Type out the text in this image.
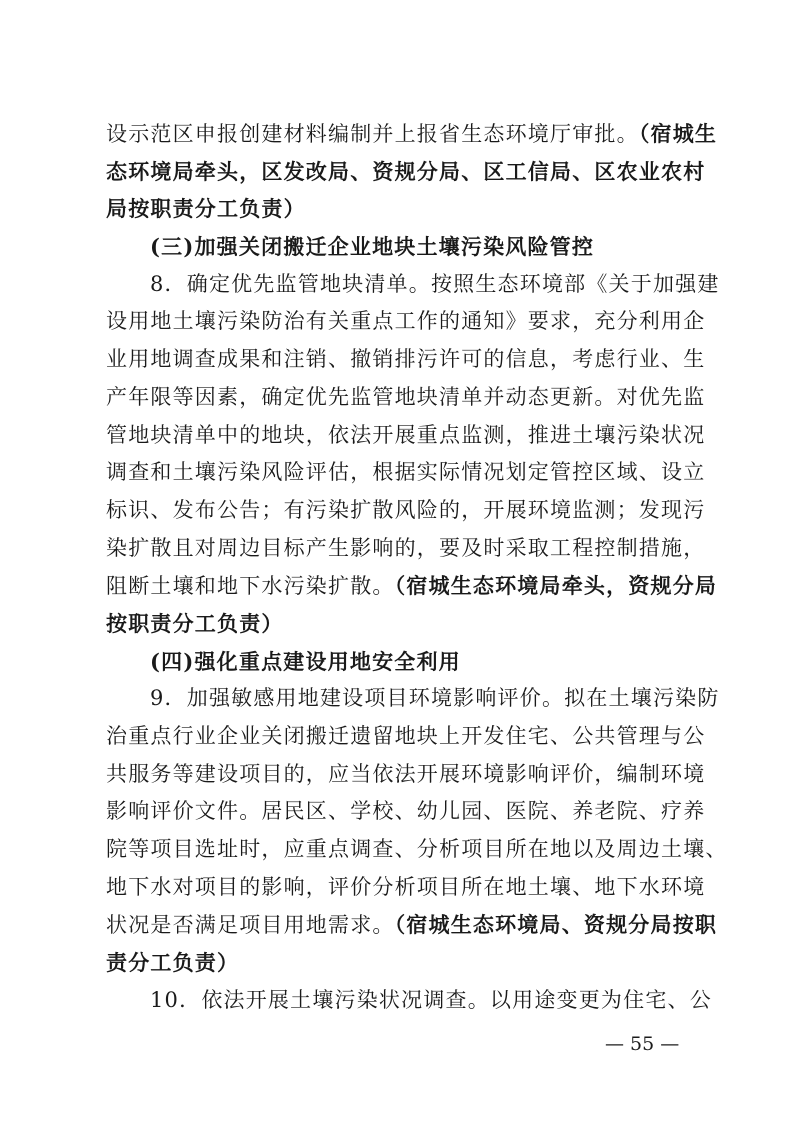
设示范区申报创建材料编制并上报省生态环境厅审批。（宿城生
态环境局牵头，区发改局、资规分局、区工信局、区农业农村
局按职责分工负责）
(三)加强关闭搬迁企业地块土壤污染风险管控
8．确定优先监管地块清单。按照生态环境部《关于加强建
设用地土壤污染防治有关重点工作的通知》要求，充分利用企
业用地调查成果和注销、撤销排污许可的信息，考虑行业、生
产年限等因素，确定优先监管地块清单并动态更新。对优先监
管地块清单中的地块，依法开展重点监测，推进土壤污染状况
调查和土壤污染风险评估，根据实际情况划定管控区域、设立
标识、发布公告；有污染扩散风险的，开展环境监测；发现污
染扩散且对周边目标产生影响的，要及时采取工程控制措施，
阻断土壤和地下水污染扩散。（宿城生态环境局牵头，资规分局
按职责分工负责）
(四)强化重点建设用地安全利用
9．加强敏感用地建设项目环境影响评价。拟在土壤污染防
治重点行业企业关闭搬迁遗留地块上开发住宅、公共管理与公
共服务等建设项目的，应当依法开展环境影响评价，编制环境
影响评价文件。居民区、学校、幼儿园、医院、养老院、疗养
院等项目选址时，应重点调查、分析项目所在地以及周边土壤、
地下水对项目的影响，评价分析项目所在地土壤、地下水环境
状况是否满足项目用地需求。（宿城生态环境局、资规分局按职
责分工负责）
10．依法开展土壤污染状况调查。以用途变更为住宅、公
— 55 —
